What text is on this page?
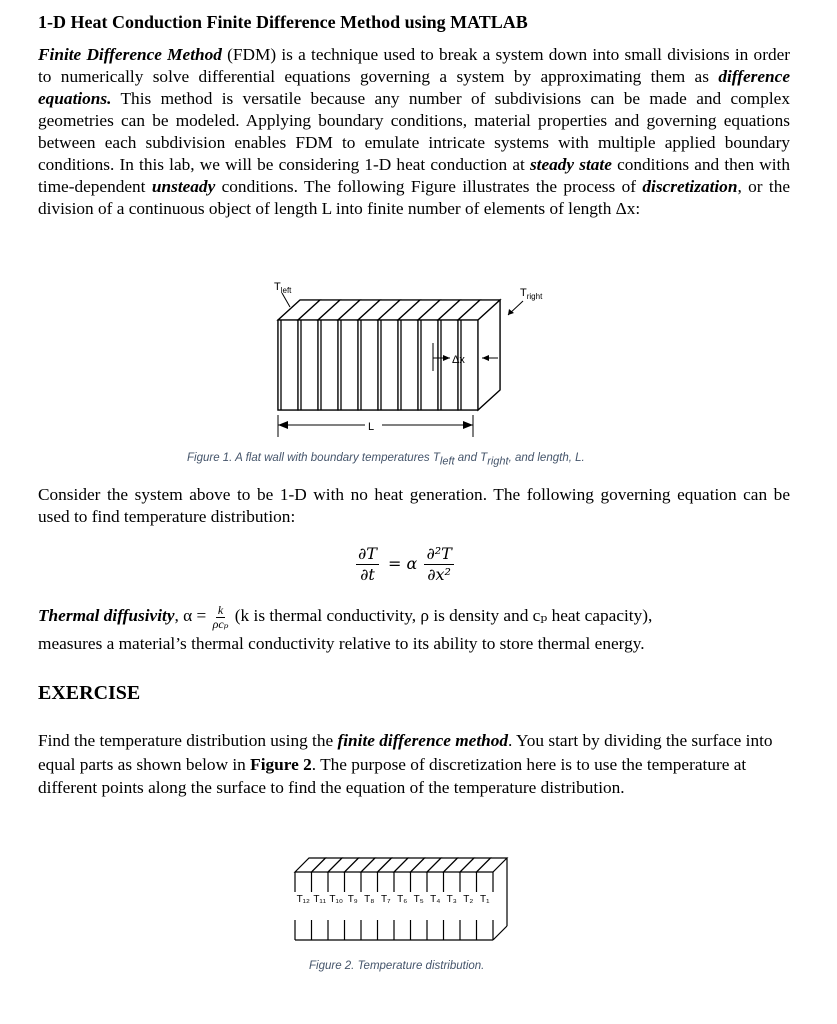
1-D Heat Conduction Finite Difference Method using MATLAB

Finite Difference Method (FDM) is a technique used to break a system down into small divisions in order to numerically solve differential equations governing a system by approximating them as difference equations. This method is versatile because any number of subdivisions can be made and complex geometries can be modeled. Applying boundary conditions, material properties and governing equations between each subdivision enables FDM to emulate intricate systems with multiple applied boundary conditions. In this lab, we will be considering 1-D heat conduction at steady state conditions and then with time-dependent unsteady conditions. The following Figure illustrates the process of discretization, or the division of a continuous object of length L into finite number of elements of length Δx:

$T_{left}$	$T_{right}$
Δx
L
Figure 1. A flat wall with boundary temperatures $T_{left}$ and $T_{right}$, and length, L.

Consider the system above to be 1-D with no heat generation. The following governing equation can be used to find temperature distribution:

$\frac{\partial T}{\partial t} = \alpha \frac{\text{∂²T}}{\text{∂x²}}$

Thermal diffusivity, $\alpha = \frac{k}{\text{ρcₚ}} (k$ is thermal conductivity, ρ is density and cₚ heat capacity),
measures a material’s thermal conductivity relative to its ability to store thermal energy.

EXERCISE

Find the temperature distribution using the finite difference method. You start by dividing the surface into equal parts as shown below in Figure 2. The purpose of discretization here is to use the temperature at different points along the surface to find the equation of the temperature distribution.

T₁₂ T₁₁ T₁₀ T₉ T₈ T₇ T₆ T₅ T₄ T₃ T₂ T₁
Figure 2. Temperature distribution.
